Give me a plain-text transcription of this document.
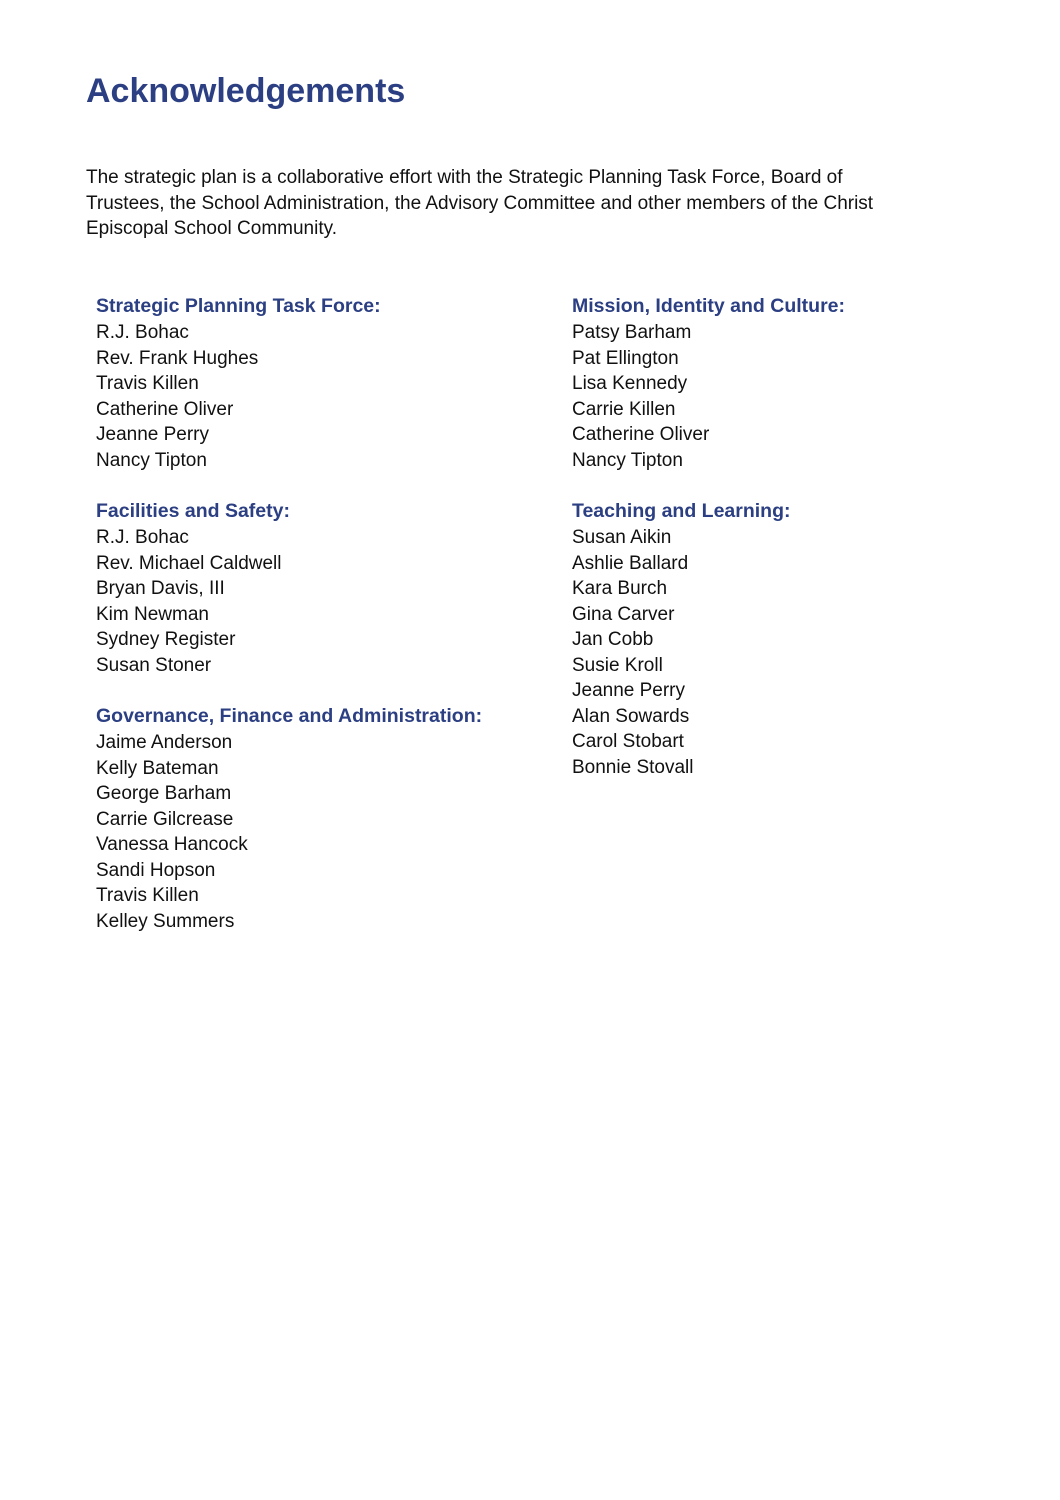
Acknowledgements

The strategic plan is a collaborative effort with the Strategic Planning Task Force, Board of Trustees, the School Administration, the Advisory Committee and other members of the Christ Episcopal School Community.

Strategic Planning Task Force:
R.J. Bohac
Rev. Frank Hughes
Travis Killen
Catherine Oliver
Jeanne Perry
Nancy Tipton
Facilities and Safety:
R.J. Bohac
Rev. Michael Caldwell
Bryan Davis, III
Kim Newman
Sydney Register
Susan Stoner
Governance, Finance and Administration:
Jaime Anderson
Kelly Bateman
George Barham
Carrie Gilcrease
Vanessa Hancock
Sandi Hopson
Travis Killen
Kelley Summers
Mission, Identity and Culture:
Patsy Barham
Pat Ellington
Lisa Kennedy
Carrie Killen
Catherine Oliver
Nancy Tipton
Teaching and Learning:
Susan Aikin
Ashlie Ballard
Kara Burch
Gina Carver
Jan Cobb
Susie Kroll
Jeanne Perry
Alan Sowards
Carol Stobart
Bonnie Stovall
